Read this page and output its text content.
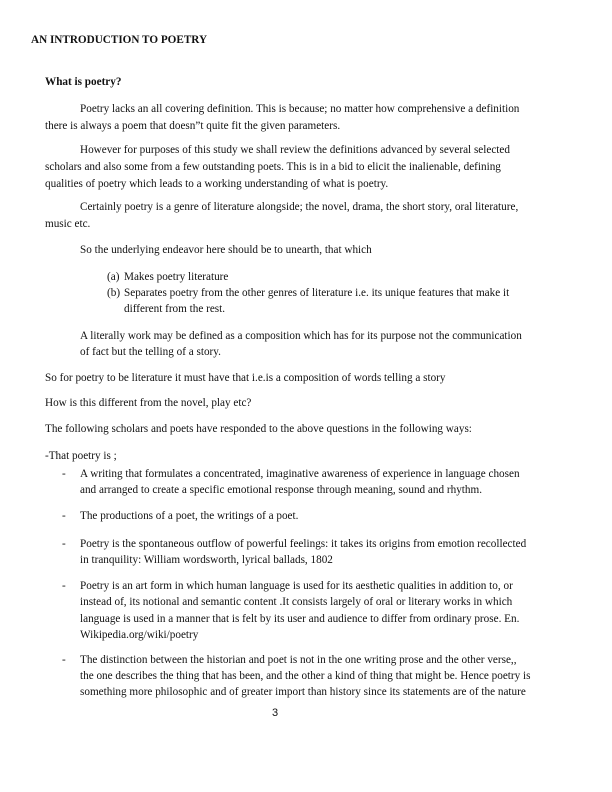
AN INTRODUCTION TO POETRY
What is poetry?
Poetry lacks an all covering definition. This is because; no matter how comprehensive a definition
there is always a poem that doesn”t quite fit the given parameters.
However for purposes of this study we shall review the definitions advanced by several selected
scholars and also some from a few outstanding poets. This is in a bid to elicit the inalienable, defining
qualities of poetry which leads to a working understanding of what is poetry.
Certainly poetry is a genre of literature alongside; the novel, drama, the short story, oral literature,
music etc.
So the underlying endeavor here should be to unearth, that which
(a) Makes poetry literature
(b) Separates poetry from the other genres of literature i.e. its unique features that make it
different from the rest.
A literally work may be defined as a composition which has for its purpose not the communication
of fact but the telling of a story.
So for poetry to be literature it must have that i.e.is a composition of words telling a story
How is this different from the novel, play etc?
The following scholars and poets have responded to the above questions in the following ways:
-That poetry is ;
- A writing that formulates a concentrated, imaginative awareness of experience in language chosen
and arranged to create a specific emotional response through meaning, sound and rhythm.
- The productions of a poet, the writings of a poet.
- Poetry is the spontaneous outflow of powerful feelings: it takes its origins from emotion recollected
in tranquility: William wordsworth, lyrical ballads, 1802
- Poetry is an art form in which human language is used for its aesthetic qualities in addition to, or
instead of, its notional and semantic content .It consists largely of oral or literary works in which
language is used in a manner that is felt by its user and audience to differ from ordinary prose. En.
Wikipedia.org/wiki/poetry
- The distinction between the historian and poet is not in the one writing prose and the other verse,,
the one describes the thing that has been, and the other a kind of thing that might be. Hence poetry is
something more philosophic and of greater import than history since its statements are of the nature
3
